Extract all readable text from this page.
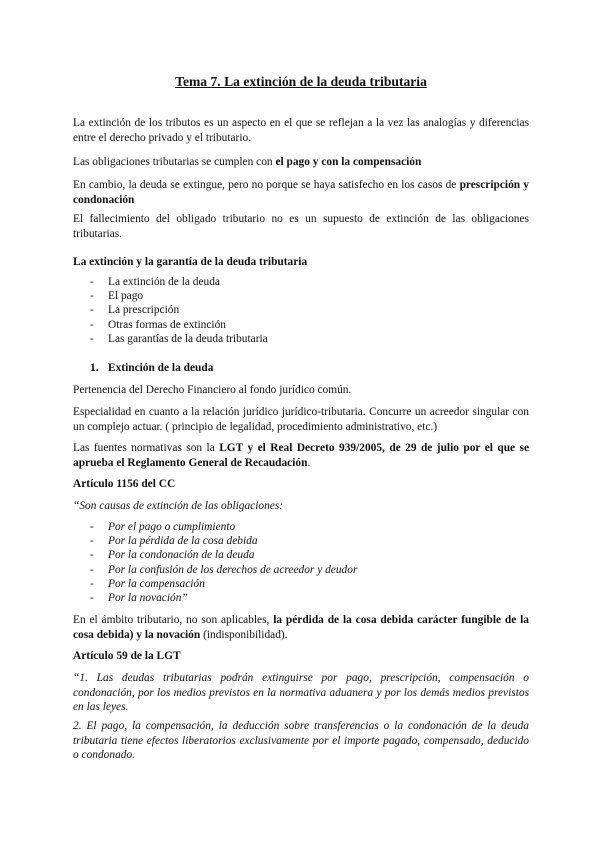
Tema 7. La extinción de la deuda tributaria
La extinción de los tributos es un aspecto en el que se reflejan a la vez las analogías y diferencias entre el derecho privado y el tributario.
Las obligaciones tributarias se cumplen con el pago y con la compensación
En cambio, la deuda se extingue, pero no porque se haya satisfecho en los casos de prescripción y condonación
El fallecimiento del obligado tributario no es un supuesto de extinción de las obligaciones tributarias.
La extinción y la garantía de la deuda tributaria
- La extinción de la deuda
- El pago
- La prescripción
- Otras formas de extinción
- Las garantías de la deuda tributaria
1. Extinción de la deuda
Pertenencia del Derecho Financiero al fondo jurídico común.
Especialidad en cuanto a la relación jurídico jurídico-tributaria. Concurre un acreedor singular con un complejo actuar. ( principio de legalidad, procedimiento administrativo, etc.)
Las fuentes normativas son la LGT y el Real Decreto 939/2005, de 29 de julio por el que se aprueba el Reglamento General de Recaudación.
Artículo 1156 del CC
“Son causas de extinción de las obligaciones:
- Por el pago o cumplimiento
- Por la pérdida de la cosa debida
- Por la condonación de la deuda
- Por la confusión de los derechos de acreedor y deudor
- Por la compensación
- Por la novación”
En el ámbito tributario, no son aplicables, la pérdida de la cosa debida carácter fungible de la cosa debida) y la novación (indisponibilidad).
Artículo 59 de la LGT
“1. Las deudas tributarias podrán extinguirse por pago, prescripción, compensación o condonación, por los medios previstos en la normativa aduanera y por los demás medios previstos en las leyes.
2. El pago, la compensación, la deducción sobre transferencias o la condonación de la deuda tributaria tiene efectos liberatorios exclusivamente por el importe pagado, compensado, deducido o condonado.
